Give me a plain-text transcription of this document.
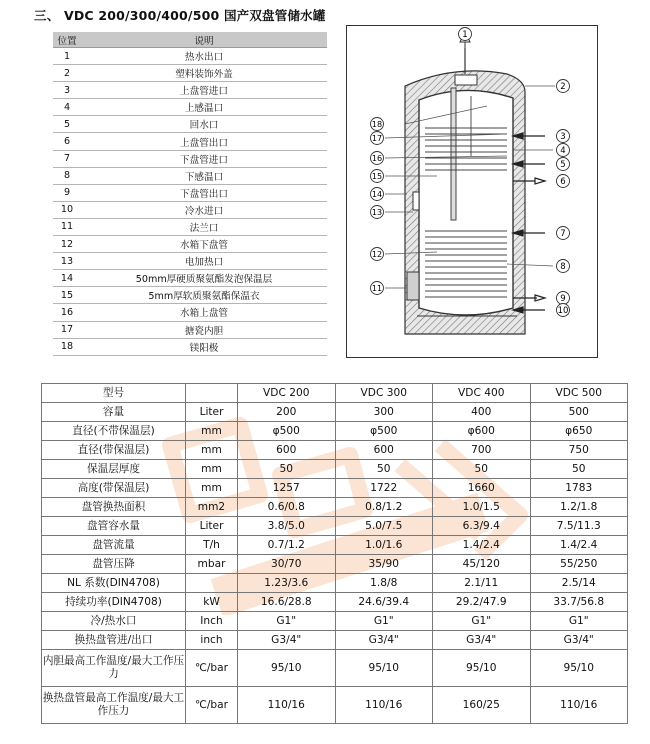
三、 VDC 200/300/400/500 国产双盘管储水罐
位置	说明
1	热水出口
2	塑料装饰外盖
3	上盘管进口
4	上感温口
5	回水口
6	上盘管出口
7	下盘管进口
8	下感温口
9	下盘管出口
10	冷水进口
11	法兰口
12	水箱下盘管
13	电加热口
14	50mm厚硬质聚氨酯发泡保温层
15	5mm厚软质聚氨酯保温衣
16	水箱上盘管
17	搪瓷内胆
18	镁阳极
1
2
3
4
5
6
7
8
9
10
18
17
16
15
14
13
12
11
型号		VDC 200	VDC 300	VDC 400	VDC 500
容量	Liter	200	300	400	500
直径(不带保温层)	mm	φ500	φ500	φ600	φ650
直径(带保温层)	mm	600	600	700	750
保温层厚度	mm	50	50	50	50
高度(带保温层)	mm	1257	1722	1660	1783
盘管换热面积	mm2	0.6/0.8	0.8/1.2	1.0/1.5	1.2/1.8
盘管容水量	Liter	3.8/5.0	5.0/7.5	6.3/9.4	7.5/11.3
盘管流量	T/h	0.7/1.2	1.0/1.6	1.4/2.4	1.4/2.4
盘管压降	mbar	30/70	35/90	45/120	55/250
NL 系数(DIN4708)		1.23/3.6	1.8/8	2.1/11	2.5/14
持续功率(DIN4708)	kW	16.6/28.8	24.6/39.4	29.2/47.9	33.7/56.8
冷/热水口	Inch	G1"	G1"	G1"	G1"
换热盘管进/出口	inch	G3/4"	G3/4"	G3/4"	G3/4"
内胆最高工作温度/最大工作压力	℃/bar	95/10	95/10	95/10	95/10
换热盘管最高工作温度/最大工作压力	℃/bar	110/16	110/16	160/25	110/16
